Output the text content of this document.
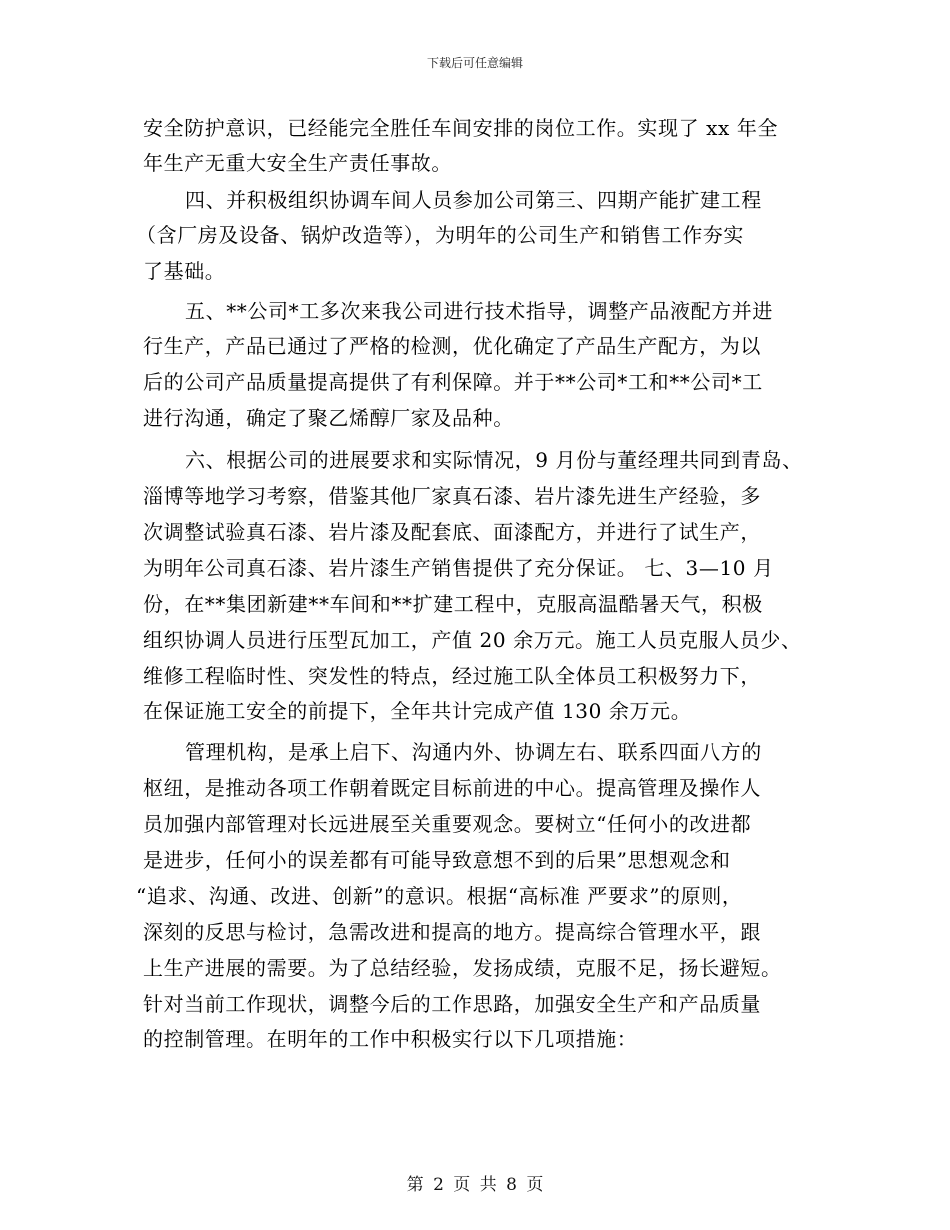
下载后可任意编辑
安全防护意识，已经能完全胜任车间安排的岗位工作。实现了 xx 年全
年生产无重大安全生产责任事故。
四、并积极组织协调车间人员参加公司第三、四期产能扩建工程
（含厂房及设备、锅炉改造等），为明年的公司生产和销售工作夯实
了基础。
五、**公司*工多次来我公司进行技术指导，调整产品液配方并进
行生产，产品已通过了严格的检测，优化确定了产品生产配方，为以
后的公司产品质量提高提供了有利保障。并于**公司*工和**公司*工
进行沟通，确定了聚乙烯醇厂家及品种。
六、根据公司的进展要求和实际情况，9 月份与董经理共同到青岛、
淄博等地学习考察，借鉴其他厂家真石漆、岩片漆先进生产经验，多
次调整试验真石漆、岩片漆及配套底、面漆配方，并进行了试生产，
为明年公司真石漆、岩片漆生产销售提供了充分保证。 七、3—10 月
份，在**集团新建**车间和**扩建工程中，克服高温酷暑天气，积极
组织协调人员进行压型瓦加工，产值 20 余万元。施工人员克服人员少、
维修工程临时性、突发性的特点，经过施工队全体员工积极努力下，
在保证施工安全的前提下，全年共计完成产值 130 余万元。
管理机构，是承上启下、沟通内外、协调左右、联系四面八方的
枢纽，是推动各项工作朝着既定目标前进的中心。提高管理及操作人
员加强内部管理对长远进展至关重要观念。要树立“任何小的改进都
是进步，任何小的误差都有可能导致意想不到的后果”思想观念和
“追求、沟通、改进、创新”的意识。根据“高标准 严要求”的原则，
深刻的反思与检讨，急需改进和提高的地方。提高综合管理水平，跟
上生产进展的需要。为了总结经验，发扬成绩，克服不足，扬长避短。
针对当前工作现状，调整今后的工作思路，加强安全生产和产品质量
的控制管理。在明年的工作中积极实行以下几项措施：
第 2 页 共 8 页
